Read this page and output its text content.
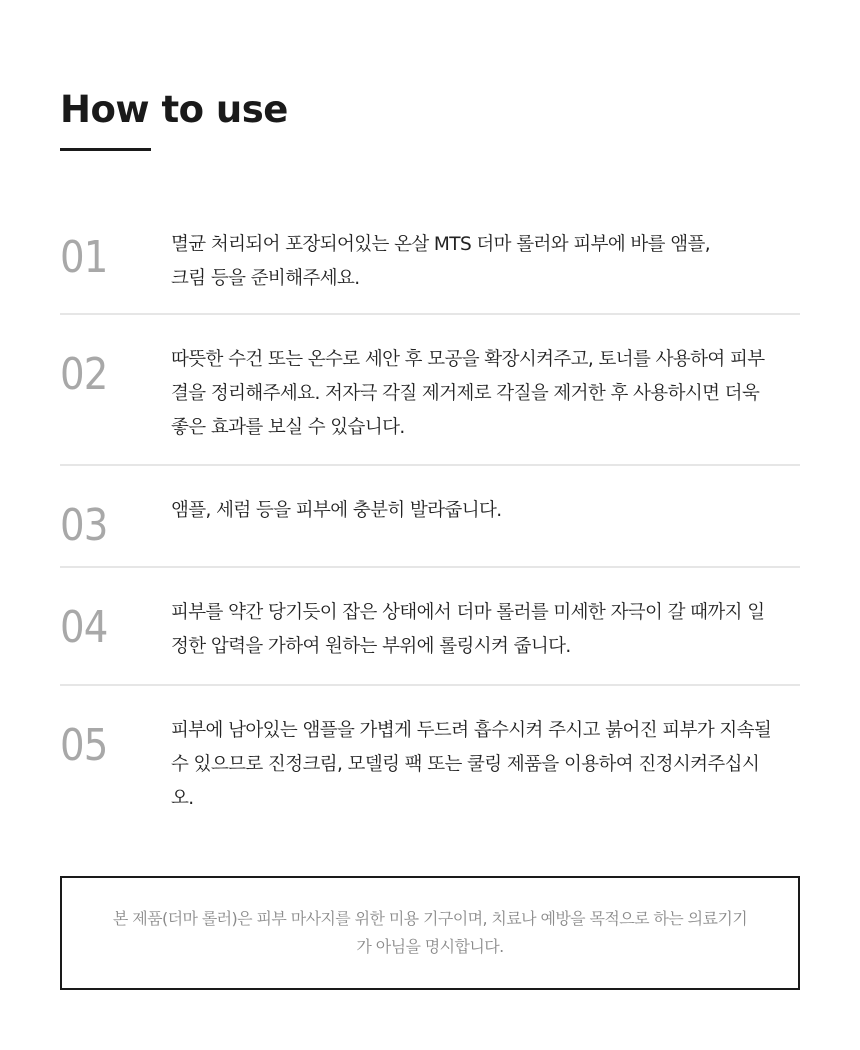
How to use
01	멸균 처리되어 포장되어있는 온살 MTS 더마 롤러와 피부에 바를 앰플,
크림 등을 준비해주세요.

02	따뜻한 수건 또는 온수로 세안 후 모공을 확장시켜주고, 토너를 사용하여 피부
결을 정리해주세요. 저자극 각질 제거제로 각질을 제거한 후 사용하시면 더욱
좋은 효과를 보실 수 있습니다.

03	앰플, 세럼 등을 피부에 충분히 발라줍니다.

04	피부를 약간 당기듯이 잡은 상태에서 더마 롤러를 미세한 자극이 갈 때까지 일
정한 압력을 가하여 원하는 부위에 롤링시켜 줍니다.

05	피부에 남아있는 앰플을 가볍게 두드려 흡수시켜 주시고 붉어진 피부가 지속될
수 있으므로 진정크림, 모델링 팩 또는 쿨링 제품을 이용하여 진정시켜주십시
오.

본 제품(더마 롤러)은 피부 마사지를 위한 미용 기구이며, 치료나 예방을 목적으로 하는 의료기기
가 아님을 명시합니다.
